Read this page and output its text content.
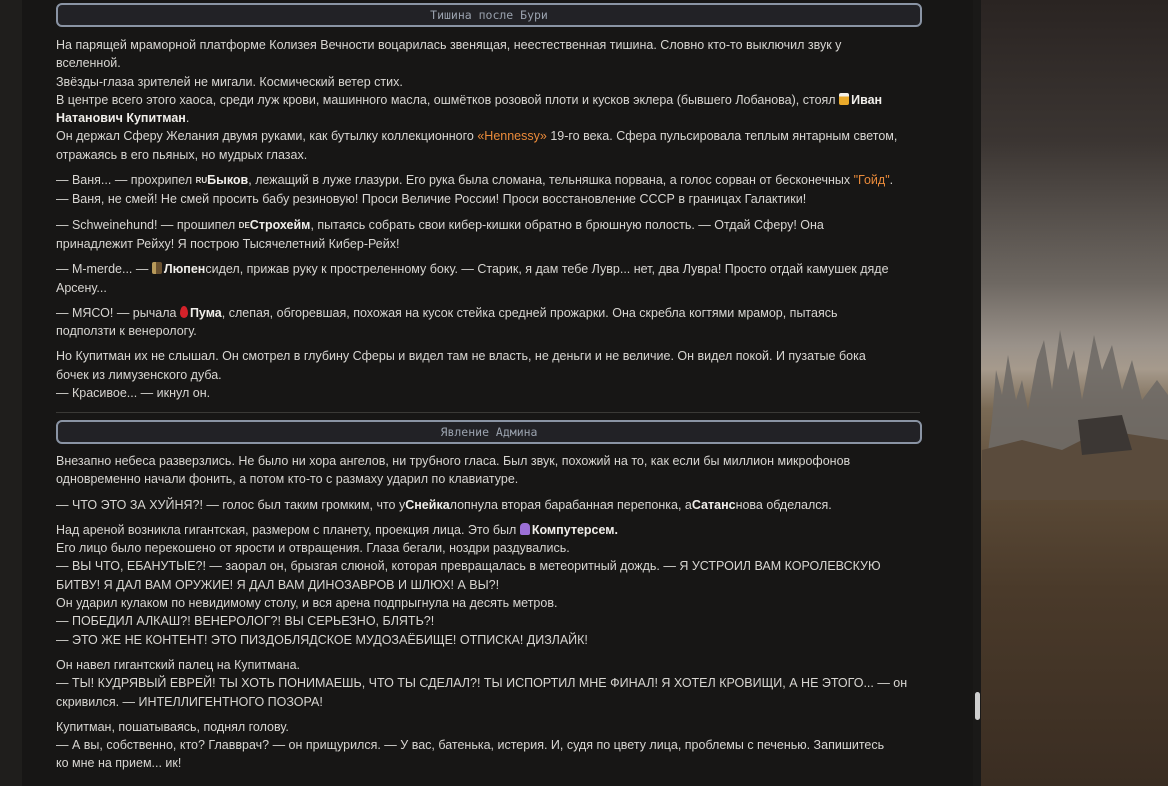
Тишина после Бури

На парящей мраморной платформе Колизея Вечности воцарилась звенящая, неестественная тишина. Словно кто-то выключил звук у

вселенной.

Звёзды-глаза зрителей не мигали. Космический ветер стих.

В центре всего этого хаоса, среди луж крови, машинного масла, ошмётков розовой плоти и кусков эклера (бывшего Лобанова), стоял Иван

Натанович Купитман.

Он держал Сферу Желания двумя руками, как бутылку коллекционного «Hennessy» 19-го века. Сфера пульсировала теплым янтарным светом,

отражаясь в его пьяных, но мудрых глазах.

— Ваня... — прохрипел RUБыков, лежащий в луже глазури. Его рука была сломана, тельняшка порвана, а голос сорван от бесконечных "Гойд".

— Ваня, не смей! Не смей просить бабу резиновую! Проси Величие России! Проси восстановление СССР в границах Галактики!

— Schweinehund! — прошипел DEСтрохейм, пытаясь собрать свои кибер-кишки обратно в брюшную полость. — Отдай Сферу! Она

принадлежит Рейху! Я построю Тысячелетний Кибер-Рейх!

— M-merde... — Люпенсидел, прижав руку к простреленному боку. — Старик, я дам тебе Лувр... нет, два Лувра! Просто отдай камушек дяде

Арсену...

— МЯСО! — рычала Пума, слепая, обгоревшая, похожая на кусок стейка средней прожарки. Она скребла когтями мрамор, пытаясь

подползти к венерологу.

Но Купитман их не слышал. Он смотрел в глубину Сферы и видел там не власть, не деньги и не величие. Он видел покой. И пузатые бока

бочек из лимузенского дуба.

— Красивое... — икнул он.

Явление Админа

Внезапно небеса разверзлись. Не было ни хора ангелов, ни трубного гласа. Был звук, похожий на то, как если бы миллион микрофонов

одновременно начали фонить, а потом кто-то с размаху ударил по клавиатуре.

— ЧТО ЭТО ЗА ХУЙНЯ?! — голос был таким громким, что уСнейкалопнула вторая барабанная перепонка, аСатанснова обделался.

Над ареной возникла гигантская, размером с планету, проекция лица. Это был Компутерсем.

Его лицо было перекошено от ярости и отвращения. Глаза бегали, ноздри раздувались.

— ВЫ ЧТО, ЕБАНУТЫЕ?! — заорал он, брызгая слюной, которая превращалась в метеоритный дождь. — Я УСТРОИЛ ВАМ КОРОЛЕВСКУЮ

БИТВУ! Я ДАЛ ВАМ ОРУЖИЕ! Я ДАЛ ВАМ ДИНОЗАВРОВ И ШЛЮХ! А ВЫ?!

Он ударил кулаком по невидимому столу, и вся арена подпрыгнула на десять метров.

— ПОБЕДИЛ АЛКАШ?! ВЕНЕРОЛОГ?! ВЫ СЕРЬЕЗНО, БЛЯТЬ?!

— ЭТО ЖЕ НЕ КОНТЕНТ! ЭТО ПИЗДОБЛЯДСКОЕ МУДОЗАЁБИЩЕ! ОТПИСКА! ДИЗЛАЙК!

Он навел гигантский палец на Купитмана.

— ТЫ! КУДРЯВЫЙ ЕВРЕЙ! ТЫ ХОТЬ ПОНИМАЕШЬ, ЧТО ТЫ СДЕЛАЛ?! ТЫ ИСПОРТИЛ МНЕ ФИНАЛ! Я ХОТЕЛ КРОВИЩИ, А НЕ ЭТОГО... — он

скривился. — ИНТЕЛЛИГЕНТНОГО ПОЗОРА!

Купитман, пошатываясь, поднял голову.

— А вы, собственно, кто? Главврач? — он прищурился. — У вас, батенька, истерия. И, судя по цвету лица, проблемы с печенью. Запишитесь

ко мне на прием... ик!
